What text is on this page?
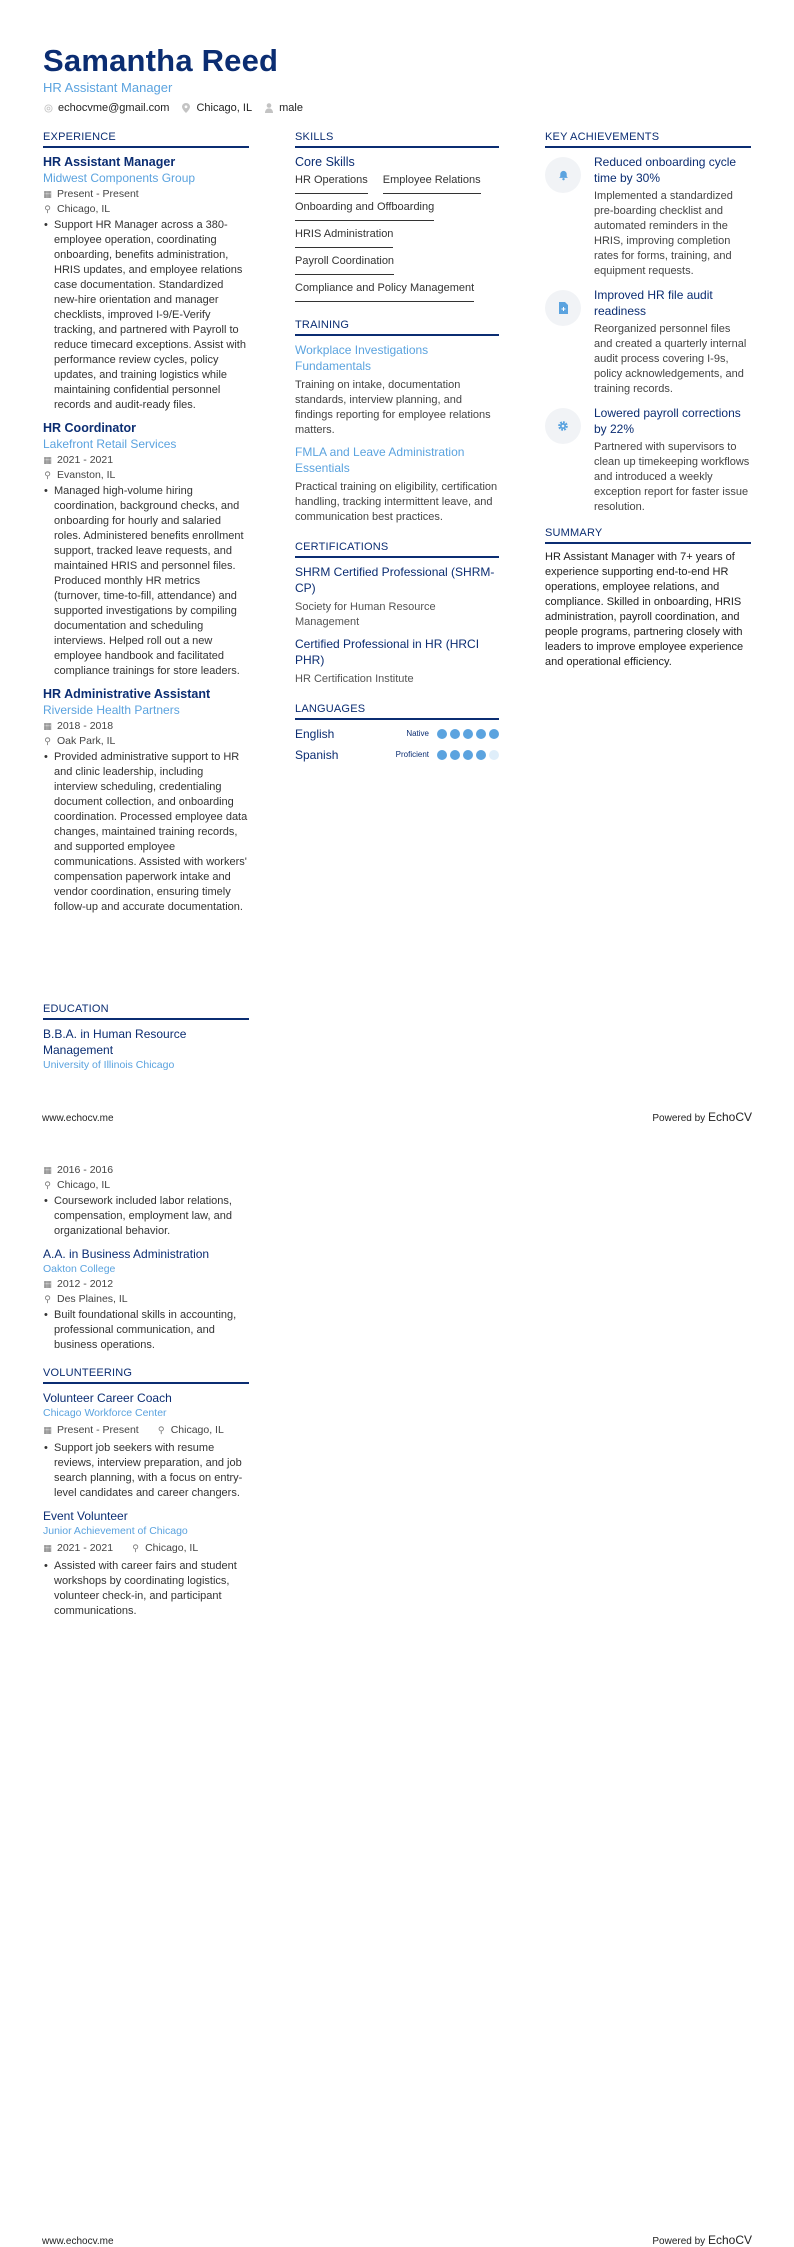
Samantha Reed
HR Assistant Manager
echocvme@gmail.com Chicago, IL male
EXPERIENCE
HR Assistant Manager
Midwest Components Group
▦ Present - Present
⚲ Chicago, IL
• Support HR Manager across a 380-employee operation, coordinating onboarding, benefits administration, HRIS updates, and employee relations case documentation. Standardized new-hire orientation and manager checklists, improved I-9/E-Verify tracking, and partnered with Payroll to reduce timecard exceptions. Assist with performance review cycles, policy updates, and training logistics while maintaining confidential personnel records and audit-ready files.
HR Coordinator
Lakefront Retail Services
▦ 2021 - 2021
⚲ Evanston, IL
• Managed high-volume hiring coordination, background checks, and onboarding for hourly and salaried roles. Administered benefits enrollment support, tracked leave requests, and maintained HRIS and personnel files. Produced monthly HR metrics (turnover, time-to-fill, attendance) and supported investigations by compiling documentation and scheduling interviews. Helped roll out a new employee handbook and facilitated compliance trainings for store leaders.
HR Administrative Assistant
Riverside Health Partners
▦ 2018 - 2018
⚲ Oak Park, IL
• Provided administrative support to HR and clinic leadership, including interview scheduling, credentialing document collection, and onboarding coordination. Processed employee data changes, maintained training records, and supported employee communications. Assisted with workers' compensation paperwork intake and vendor coordination, ensuring timely follow-up and accurate documentation.
EDUCATION
B.B.A. in Human Resource Management
University of Illinois Chicago
SKILLS
Core Skills
HR Operations Employee Relations
Onboarding and Offboarding
HRIS Administration
Payroll Coordination
Compliance and Policy Management
TRAINING
Workplace Investigations Fundamentals
Training on intake, documentation standards, interview planning, and findings reporting for employee relations matters.
FMLA and Leave Administration Essentials
Practical training on eligibility, certification handling, tracking intermittent leave, and communication best practices.
CERTIFICATIONS
SHRM Certified Professional (SHRM-CP)
Society for Human Resource Management
Certified Professional in HR (HRCI PHR)
HR Certification Institute
LANGUAGES
English	Native
Spanish	Proficient
KEY ACHIEVEMENTS
Reduced onboarding cycle time by 30%
Implemented a standardized pre-boarding checklist and automated reminders in the HRIS, improving completion rates for forms, training, and equipment requests.
Improved HR file audit readiness
Reorganized personnel files and created a quarterly internal audit process covering I-9s, policy acknowledgements, and training records.
Lowered payroll corrections by 22%
Partnered with supervisors to clean up timekeeping workflows and introduced a weekly exception report for faster issue resolution.
SUMMARY
HR Assistant Manager with 7+ years of experience supporting end-to-end HR operations, employee relations, and compliance. Skilled in onboarding, HRIS administration, payroll coordination, and people programs, partnering closely with leaders to improve employee experience and operational efficiency.
www.echocv.me	Powered by EchoCV
▦ 2016 - 2016
⚲ Chicago, IL
• Coursework included labor relations, compensation, employment law, and organizational behavior.
A.A. in Business Administration
Oakton College
▦ 2012 - 2012
⚲ Des Plaines, IL
• Built foundational skills in accounting, professional communication, and business operations.
VOLUNTEERING
Volunteer Career Coach
Chicago Workforce Center
▦ Present - Present ⚲ Chicago, IL
• Support job seekers with resume reviews, interview preparation, and job search planning, with a focus on entry-level candidates and career changers.
Event Volunteer
Junior Achievement of Chicago
▦ 2021 - 2021 ⚲ Chicago, IL
• Assisted with career fairs and student workshops by coordinating logistics, volunteer check-in, and participant communications.
www.echocv.me	Powered by EchoCV
